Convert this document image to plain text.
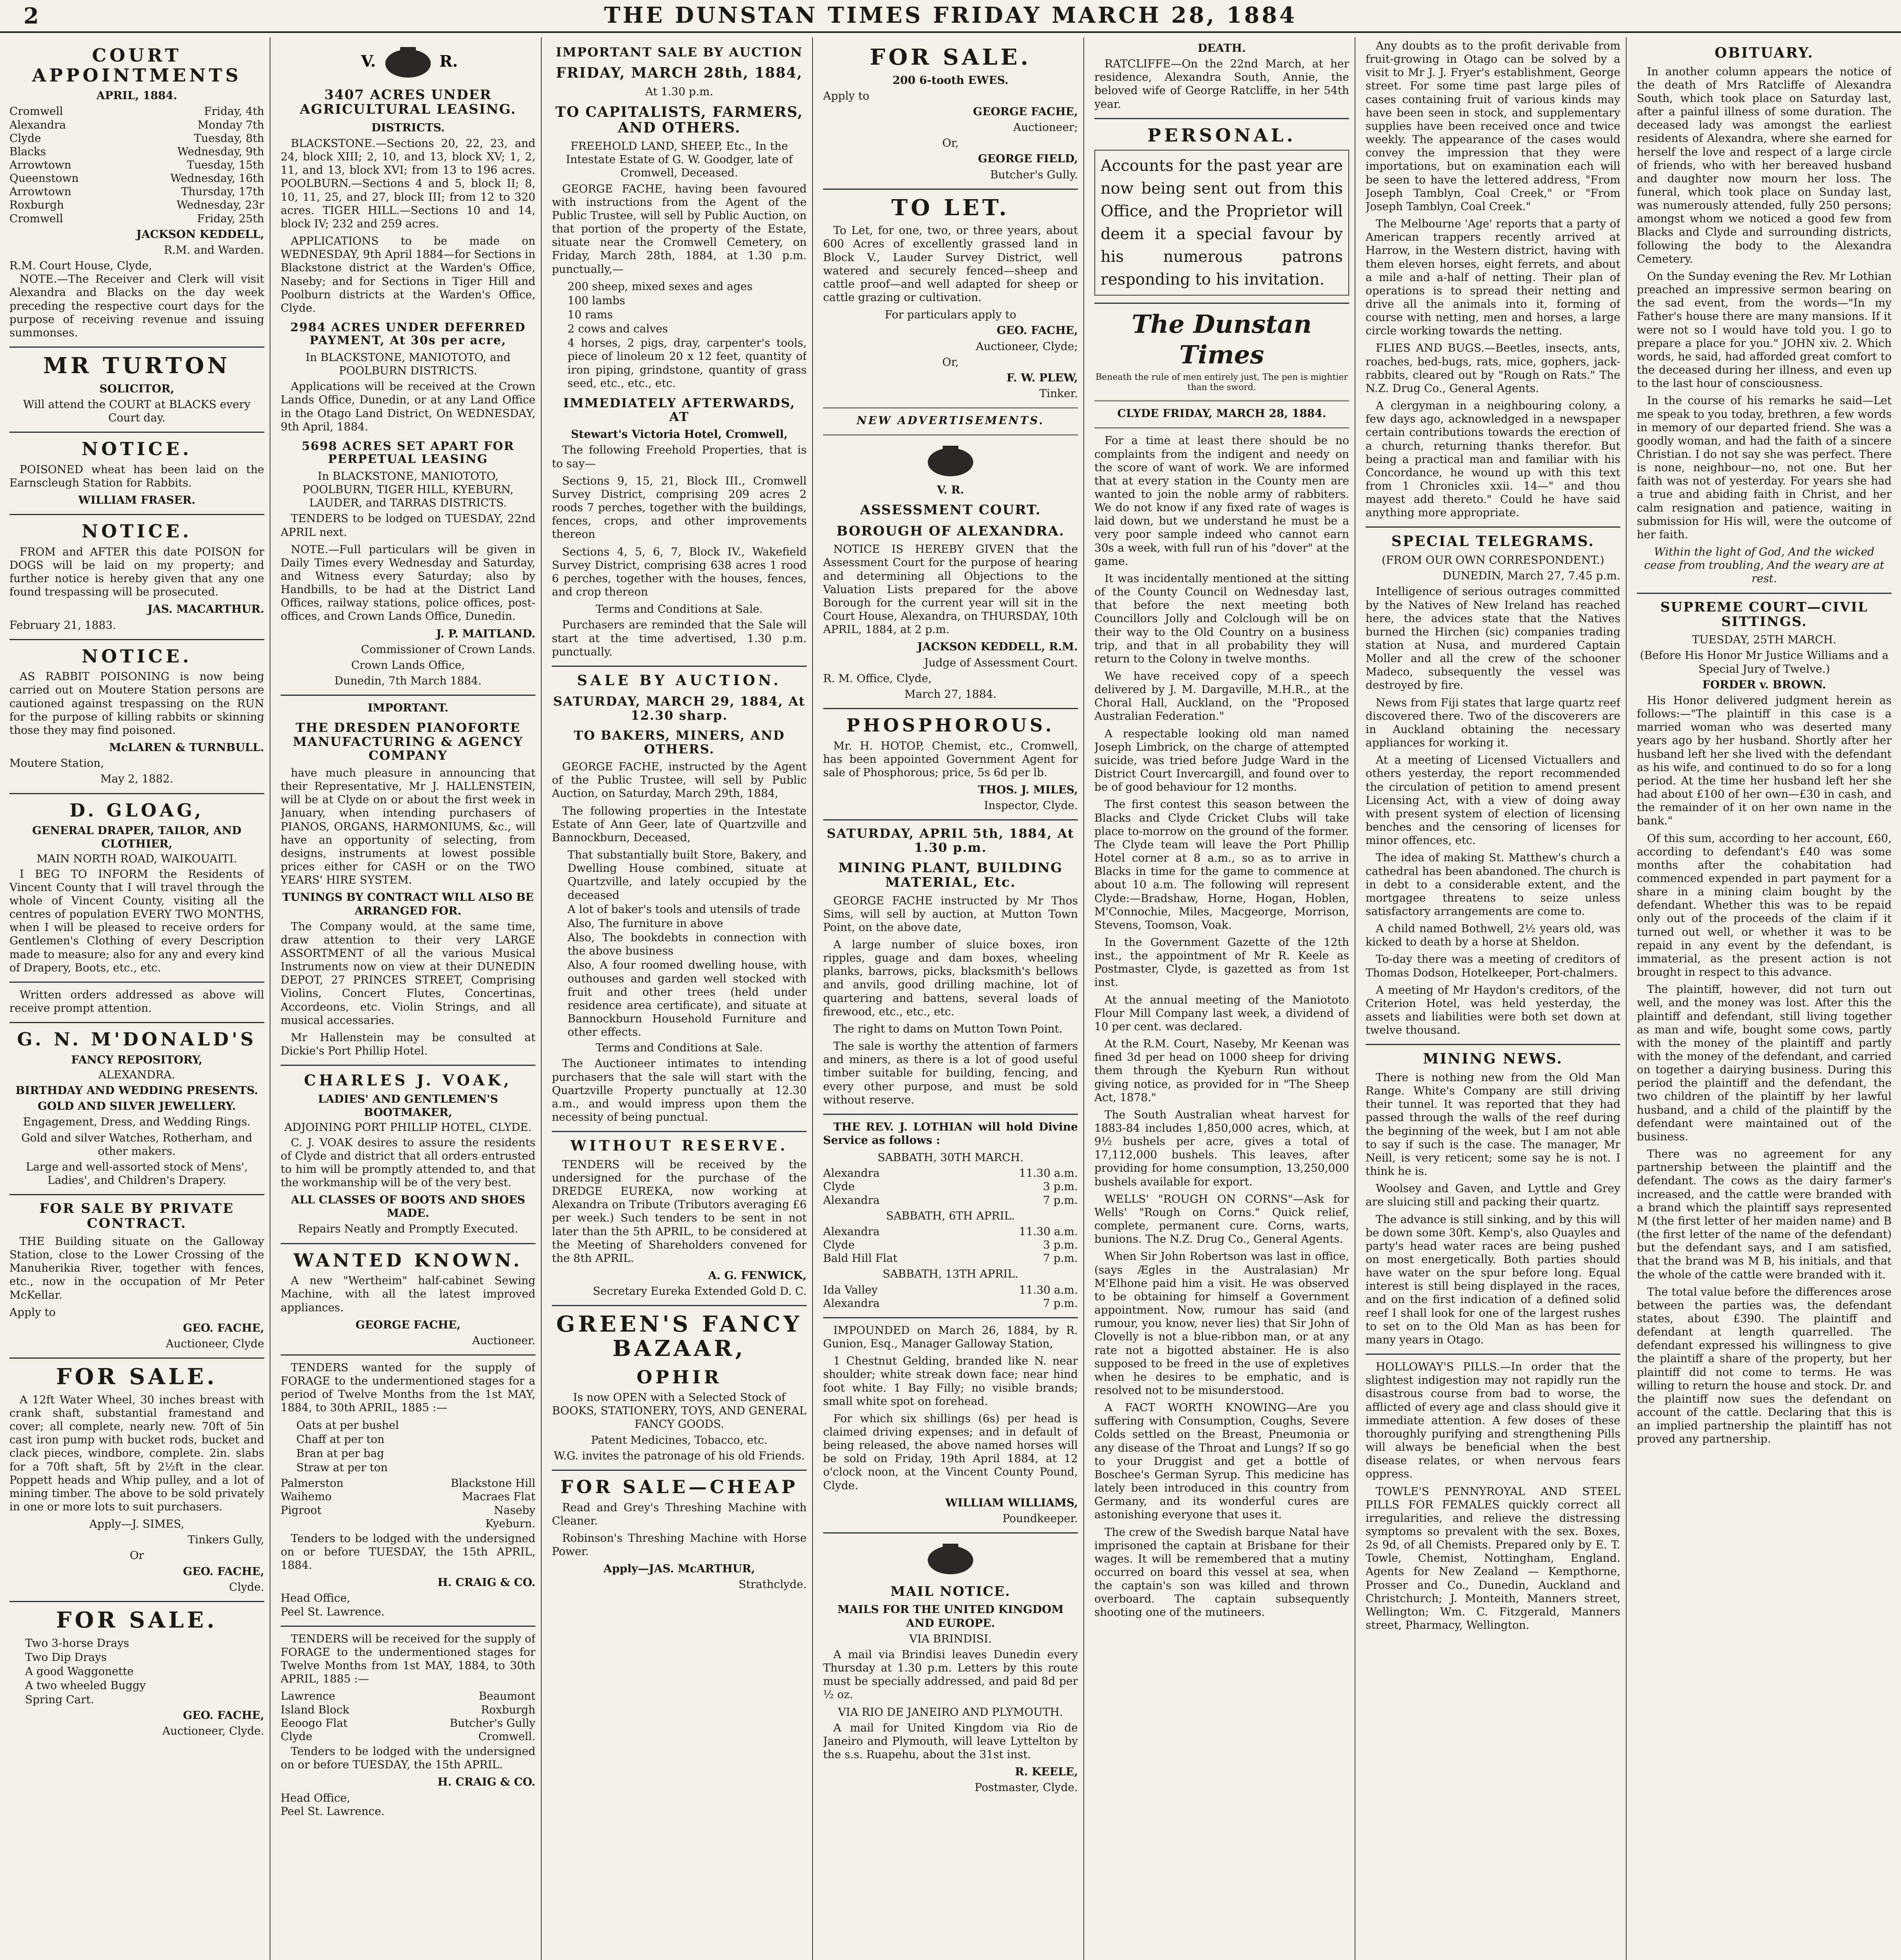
2	THE DUNSTAN TIMES FRIDAY MARCH 28, 1884
COURT APPOINTMENTS
APRIL, 1884.
Cromwell	Friday, 4th
Alexandra	Monday 7th
Clyde	Tuesday, 8th
Blacks	Wednesday, 9th
Arrowtown	Tuesday, 15th
Queenstown	Wednesday, 16th
Arrowtown	Thursday, 17th
Roxburgh	Wednesday, 23r
Cromwell	Friday, 25th
JACKSON KEDDELL,
R.M. and Warden.
R.M. Court House, Clyde,

NOTE.—The Receiver and Clerk will visit Alexandra and Blacks on the day week preceding the respective court days for the purpose of receiving revenue and issuing summonses.

MR TURTON
SOLICITOR,
Will attend the COURT at BLACKS every Court day.
NOTICE.

POISONED wheat has been laid on the Earnscleugh Station for Rabbits.

WILLIAM FRASER.
NOTICE.

FROM and AFTER this date POISON for DOGS will be laid on my property; and further notice is hereby given that any one found trespassing will be prosecuted.

JAS. MACARTHUR.
February 21, 1883.
NOTICE.

AS RABBIT POISONING is now being carried out on Moutere Station persons are cautioned against trespassing on the RUN for the purpose of killing rabbits or skinning those they may find poisoned.

McLAREN & TURNBULL.
Moutere Station,
May 2, 1882.
D. GLOAG,
GENERAL DRAPER, TAILOR, AND CLOTHIER,
MAIN NORTH ROAD, WAIKOUAITI.

I BEG TO INFORM the Residents of Vincent County that I will travel through the whole of Vincent County, visiting all the centres of population EVERY TWO MONTHS, when I will be pleased to receive orders for Gentlemen's Clothing of every Description made to measure; also for any and every kind of Drapery, Boots, etc., etc.

Written orders addressed as above will receive prompt attention.

G. N. M'DONALD'S
FANCY REPOSITORY,
ALEXANDRA.
BIRTHDAY AND WEDDING PRESENTS.
GOLD AND SILVER JEWELLERY.
Engagement, Dress, and Wedding Rings.
Gold and silver Watches, Rotherham, and other makers.
Large and well-assorted stock of Mens', Ladies', and Children's Drapery.
FOR SALE BY PRIVATE CONTRACT.

THE Building situate on the Galloway Station, close to the Lower Crossing of the Manuherikia River, together with fences, etc., now in the occupation of Mr Peter McKellar.

Apply to
GEO. FACHE,
Auctioneer, Clyde
FOR SALE.

A 12ft Water Wheel, 30 inches breast with crank shaft, substantial framestand and cover; all complete, nearly new. 70ft of 5in cast iron pump with bucket rods, bucket and clack pieces, windbore, complete. 2in. slabs for a 70ft shaft, 5ft by 2½ft in the clear. Poppett heads and Whip pulley, and a lot of mining timber. The above to be sold privately in one or more lots to suit purchasers.

Apply—J. SIMES,
Tinkers Gully,
Or
GEO. FACHE,
Clyde.
FOR SALE.
Two 3-horse Drays
Two Dip Drays
A good Waggonette
A two wheeled Buggy
Spring Cart.
GEO. FACHE,
Auctioneer, Clyde.
V.	R.
3407 ACRES UNDER AGRICULTURAL LEASING.
DISTRICTS.

BLACKSTONE.—Sections 20, 22, 23, and 24, block XIII; 2, 10, and 13, block XV; 1, 2, 11, and 13, block XVI; from 13 to 196 acres. POOLBURN.—Sections 4 and 5, block II; 8, 10, 11, 25, and 27, block III; from 12 to 320 acres. TIGER HILL.—Sections 10 and 14, block IV; 232 and 259 acres.

APPLICATIONS to be made on WEDNESDAY, 9th April 1884—for Sections in Blackstone district at the Warden's Office, Naseby; and for Sections in Tiger Hill and Poolburn districts at the Warden's Office, Clyde.

2984 ACRES UNDER DEFERRED PAYMENT, At 30s per acre,
In BLACKSTONE, MANIOTOTO, and POOLBURN DISTRICTS.

Applications will be received at the Crown Lands Office, Dunedin, or at any Land Office in the Otago Land District, On WEDNESDAY, 9th April, 1884.

5698 ACRES SET APART FOR PERPETUAL LEASING
In BLACKSTONE, MANIOTOTO, POOLBURN, TIGER HILL, KYEBURN, LAUDER, and TARRAS DISTRICTS.

TENDERS to be lodged on TUESDAY, 22nd APRIL next.

NOTE.—Full particulars will be given in Daily Times every Wednesday and Saturday, and Witness every Saturday; also by Handbills, to be had at the District Land Offices, railway stations, police offices, post-offices, and Crown Lands Office, Dunedin.

J. P. MAITLAND.
Commissioner of Crown Lands.
Crown Lands Office,
Dunedin, 7th March 1884.
IMPORTANT.
THE DRESDEN PIANOFORTE MANUFACTURING & AGENCY COMPANY

have much pleasure in announcing that their Representative, Mr J. HALLENSTEIN, will be at Clyde on or about the first week in January, when intending purchasers of PIANOS, ORGANS, HARMONIUMS, &c., will have an opportunity of selecting, from designs, instruments at lowest possible prices either for CASH or on the TWO YEARS' HIRE SYSTEM.

TUNINGS BY CONTRACT WILL ALSO BE ARRANGED FOR.

The Company would, at the same time, draw attention to their very LARGE ASSORTMENT of all the various Musical Instruments now on view at their DUNEDIN DEPOT, 27 PRINCES STREET, Comprising Violins, Concert Flutes, Concertinas, Accordeons, etc. Violin Strings, and all musical accessaries.

Mr Hallenstein may be consulted at Dickie's Port Phillip Hotel.

CHARLES J. VOAK,
LADIES' AND GENTLEMEN'S BOOTMAKER,
ADJOINING PORT PHILLIP HOTEL, CLYDE.

C. J. VOAK desires to assure the residents of Clyde and district that all orders entrusted to him will be promptly attended to, and that the workmanship will be of the very best.

ALL CLASSES OF BOOTS AND SHOES MADE.
Repairs Neatly and Promptly Executed.
WANTED KNOWN.

A new "Wertheim" half-cabinet Sewing Machine, with all the latest improved appliances.

GEORGE FACHE,
Auctioneer.

TENDERS wanted for the supply of FORAGE to the undermentioned stages for a period of Twelve Months from the 1st MAY, 1884, to 30th APRIL, 1885 :—

Oats at per bushel
Chaff at per ton
Bran at per bag
Straw at per ton
Palmerston	Blackstone Hill
Waihemo	Macraes Flat
Pigroot	Naseby
Kyeburn.

Tenders to be lodged with the undersigned on or before TUESDAY, the 15th APRIL, 1884.

H. CRAIG & CO.
Head Office,
Peel St. Lawrence.

TENDERS will be received for the supply of FORAGE to the undermentioned stages for Twelve Months from 1st MAY, 1884, to 30th APRIL, 1885 :—

Lawrence	Beaumont
Island Block	Roxburgh
Eeoogo Flat	Butcher's Gully
Clyde	Cromwell.

Tenders to be lodged with the undersigned on or before TUESDAY, the 15th APRIL.

H. CRAIG & CO.
Head Office,
Peel St. Lawrence.
IMPORTANT SALE BY AUCTION
FRIDAY, MARCH 28th, 1884,
At 1.30 p.m.
TO CAPITALISTS, FARMERS, AND OTHERS.
FREEHOLD LAND, SHEEP, Etc., In the Intestate Estate of G. W. Goodger, late of Cromwell, Deceased.

GEORGE FACHE, having been favoured with instructions from the Agent of the Public Trustee, will sell by Public Auction, on that portion of the property of the Estate, situate near the Cromwell Cemetery, on Friday, March 28th, 1884, at 1.30 p.m. punctually,—

200 sheep, mixed sexes and ages
100 lambs
10 rams
2 cows and calves
4 horses, 2 pigs, dray, carpenter's tools, piece of linoleum 20 x 12 feet, quantity of iron piping, grindstone, quantity of grass seed, etc., etc., etc.
IMMEDIATELY AFTERWARDS, AT
Stewart's Victoria Hotel, Cromwell,

The following Freehold Properties, that is to say—

Sections 9, 15, 21, Block III., Cromwell Survey District, comprising 209 acres 2 roods 7 perches, together with the buildings, fences, crops, and other improvements thereon

Sections 4, 5, 6, 7, Block IV., Wakefield Survey District, comprising 638 acres 1 rood 6 perches, together with the houses, fences, and crop thereon

Terms and Conditions at Sale.

Purchasers are reminded that the Sale will start at the time advertised, 1.30 p.m. punctually.

SALE BY AUCTION.
SATURDAY, MARCH 29, 1884, At 12.30 sharp.
TO BAKERS, MINERS, AND OTHERS.

GEORGE FACHE, instructed by the Agent of the Public Trustee, will sell by Public Auction, on Saturday, March 29th, 1884,

The following properties in the Intestate Estate of Ann Geer, late of Quartzville and Bannockburn, Deceased,

That substantially built Store, Bakery, and Dwelling House combined, situate at Quartzville, and lately occupied by the deceased
A lot of baker's tools and utensils of trade
Also, The furniture in above
Also, The bookdebts in connection with the above business
Also, A four roomed dwelling house, with outhouses and garden well stocked with fruit and other trees (held under residence area certificate), and situate at Bannockburn Household Furniture and other effects.
Terms and Conditions at Sale.

The Auctioneer intimates to intending purchasers that the sale will start with the Quartzville Property punctually at 12.30 a.m., and would impress upon them the necessity of being punctual.

WITHOUT RESERVE.

TENDERS will be received by the undersigned for the purchase of the DREDGE EUREKA, now working at Alexandra on Tribute (Tributors averaging £6 per week.) Such tenders to be sent in not later than the 5th APRIL, to be considered at the Meeting of Shareholders convened for the 8th APRIL.

A. G. FENWICK,
Secretary Eureka Extended Gold D. C.
GREEN'S FANCY BAZAAR,
OPHIR
Is now OPEN with a Selected Stock of BOOKS, STATIONERY, TOYS, AND GENERAL FANCY GOODS.
Patent Medicines, Tobacco, etc.
W.G. invites the patronage of his old Friends.
FOR SALE—CHEAP

Read and Grey's Threshing Machine with Cleaner.

Robinson's Threshing Machine with Horse Power.

Apply—JAS. McARTHUR,
Strathclyde.
FOR SALE.
200 6-tooth EWES.
Apply to
GEORGE FACHE,
Auctioneer;
Or,
GEORGE FIELD,
Butcher's Gully.
TO LET.

To Let, for one, two, or three years, about 600 Acres of excellently grassed land in Block V., Lauder Survey District, well watered and securely fenced—sheep and cattle proof—and well adapted for sheep or cattle grazing or cultivation.

For particulars apply to
GEO. FACHE,
Auctioneer, Clyde;
Or,
F. W. PLEW,
Tinker.
NEW ADVERTISEMENTS.
V. R.
ASSESSMENT COURT.
BOROUGH OF ALEXANDRA.

NOTICE IS HEREBY GIVEN that the Assessment Court for the purpose of hearing and determining all Objections to the Valuation Lists prepared for the above Borough for the current year will sit in the Court House, Alexandra, on THURSDAY, 10th APRIL, 1884, at 2 p.m.

JACKSON KEDDELL, R.M.
Judge of Assessment Court.
R. M. Office, Clyde,
March 27, 1884.
PHOSPHOROUS.

Mr. H. HOTOP, Chemist, etc., Cromwell, has been appointed Government Agent for sale of Phosphorous; price, 5s 6d per lb.

THOS. J. MILES,
Inspector, Clyde.
SATURDAY, APRIL 5th, 1884, At 1.30 p.m.
MINING PLANT, BUILDING MATERIAL, Etc.

GEORGE FACHE instructed by Mr Thos Sims, will sell by auction, at Mutton Town Point, on the above date,

A large number of sluice boxes, iron ripples, guage and dam boxes, wheeling planks, barrows, picks, blacksmith's bellows and anvils, good drilling machine, lot of quartering and battens, several loads of firewood, etc., etc., etc.

The right to dams on Mutton Town Point.

The sale is worthy the attention of farmers and miners, as there is a lot of good useful timber suitable for building, fencing, and every other purpose, and must be sold without reserve.

THE REV. J. LOTHIAN will hold Divine Service as follows :

SABBATH, 30TH MARCH.
Alexandra	11.30 a.m.
Clyde	3 p.m.
Alexandra	7 p.m.
SABBATH, 6TH APRIL.
Alexandra	11.30 a.m.
Clyde	3 p.m.
Bald Hill Flat	7 p.m.
SABBATH, 13TH APRIL.
Ida Valley	11.30 a.m.
Alexandra	7 p.m.

IMPOUNDED on March 26, 1884, by R. Gunion, Esq., Manager Galloway Station,

1 Chestnut Gelding, branded like N. near shoulder; white streak down face; near hind foot white. 1 Bay Filly; no visible brands; small white spot on forehead.

For which six shillings (6s) per head is claimed driving expenses; and in default of being released, the above named horses will be sold on Friday, 19th April 1884, at 12 o'clock noon, at the Vincent County Pound, Clyde.

WILLIAM WILLIAMS,
Poundkeeper.
MAIL NOTICE.
MAILS FOR THE UNITED KINGDOM AND EUROPE.
VIA BRINDISI.

A mail via Brindisi leaves Dunedin every Thursday at 1.30 p.m. Letters by this route must be specially addressed, and paid 8d per ½ oz.

VIA RIO DE JANEIRO AND PLYMOUTH.

A mail for United Kingdom via Rio de Janeiro and Plymouth, will leave Lyttelton by the s.s. Ruapehu, about the 31st inst.

R. KEELE,
Postmaster, Clyde.
DEATH.

RATCLIFFE—On the 22nd March, at her residence, Alexandra South, Annie, the beloved wife of George Ratcliffe, in her 54th year.

PERSONAL.
Accounts for the past year are now being sent out from this Office, and the Proprietor will deem it a special favour by his numerous patrons responding to his invitation.
The Dunstan Times
Beneath the rule of men entirely just, The pen is mightier than the sword.
CLYDE FRIDAY, MARCH 28, 1884.

For a time at least there should be no complaints from the indigent and needy on the score of want of work. We are informed that at every station in the County men are wanted to join the noble army of rabbiters. We do not know if any fixed rate of wages is laid down, but we understand he must be a very poor sample indeed who cannot earn 30s a week, with full run of his "dover" at the game.

It was incidentally mentioned at the sitting of the County Council on Wednesday last, that before the next meeting both Councillors Jolly and Colclough will be on their way to the Old Country on a business trip, and that in all probability they will return to the Colony in twelve months.

We have received copy of a speech delivered by J. M. Dargaville, M.H.R., at the Choral Hall, Auckland, on the "Proposed Australian Federation."

A respectable looking old man named Joseph Limbrick, on the charge of attempted suicide, was tried before Judge Ward in the District Court Invercargill, and found over to be of good behaviour for 12 months.

The first contest this season between the Blacks and Clyde Cricket Clubs will take place to-morrow on the ground of the former. The Clyde team will leave the Port Phillip Hotel corner at 8 a.m., so as to arrive in Blacks in time for the game to commence at about 10 a.m. The following will represent Clyde:—Bradshaw, Horne, Hogan, Hoblen, M'Connochie, Miles, Macgeorge, Morrison, Stevens, Toomson, Voak.

In the Government Gazette of the 12th inst., the appointment of Mr R. Keele as Postmaster, Clyde, is gazetted as from 1st inst.

At the annual meeting of the Maniototo Flour Mill Company last week, a dividend of 10 per cent. was declared.

At the R.M. Court, Naseby, Mr Keenan was fined 3d per head on 1000 sheep for driving them through the Kyeburn Run without giving notice, as provided for in "The Sheep Act, 1878."

The South Australian wheat harvest for 1883-84 includes 1,850,000 acres, which, at 9½ bushels per acre, gives a total of 17,112,000 bushels. This leaves, after providing for home consumption, 13,250,000 bushels available for export.

WELLS' "ROUGH ON CORNS"—Ask for Wells' "Rough on Corns." Quick relief, complete, permanent cure. Corns, warts, bunions. The N.Z. Drug Co., General Agents.

When Sir John Robertson was last in office, (says Ægles in the Australasian) Mr M'Elhone paid him a visit. He was observed to be obtaining for himself a Government appointment. Now, rumour has said (and rumour, you know, never lies) that Sir John of Clovelly is not a blue-ribbon man, or at any rate not a bigotted abstainer. He is also supposed to be freed in the use of expletives when he desires to be emphatic, and is resolved not to be misunderstood.

A FACT WORTH KNOWING—Are you suffering with Consumption, Coughs, Severe Colds settled on the Breast, Pneumonia or any disease of the Throat and Lungs? If so go to your Druggist and get a bottle of Boschee's German Syrup. This medicine has lately been introduced in this country from Germany, and its wonderful cures are astonishing everyone that uses it.

The crew of the Swedish barque Natal have imprisoned the captain at Brisbane for their wages. It will be remembered that a mutiny occurred on board this vessel at sea, when the captain's son was killed and thrown overboard. The captain subsequently shooting one of the mutineers.

Any doubts as to the profit derivable from fruit-growing in Otago can be solved by a visit to Mr J. J. Fryer's establishment, George street. For some time past large piles of cases containing fruit of various kinds may have been seen in stock, and supplementary supplies have been received once and twice weekly. The appearance of the cases would convey the impression that they were importations, but on examination each will be seen to have the lettered address, "From Joseph Tamblyn, Coal Creek," or "From Joseph Tamblyn, Coal Creek."

The Melbourne 'Age' reports that a party of American trappers recently arrived at Harrow, in the Western district, having with them eleven horses, eight ferrets, and about a mile and a-half of netting. Their plan of operations is to spread their netting and drive all the animals into it, forming of course with netting, men and horses, a large circle working towards the netting.

FLIES AND BUGS.—Beetles, insects, ants, roaches, bed-bugs, rats, mice, gophers, jack-rabbits, cleared out by "Rough on Rats." The N.Z. Drug Co., General Agents.

A clergyman in a neighbouring colony, a few days ago, acknowledged in a newspaper certain contributions towards the erection of a church, returning thanks therefor. But being a practical man and familiar with his Concordance, he wound up with this text from 1 Chronicles xxii. 14—" and thou mayest add thereto." Could he have said anything more appropriate.

SPECIAL TELEGRAMS.
(FROM OUR OWN CORRESPONDENT.)
DUNEDIN, March 27, 7.45 p.m.

Intelligence of serious outrages committed by the Natives of New Ireland has reached here, the advices state that the Natives burned the Hirchen (sic) companies trading station at Nusa, and murdered Captain Moller and all the crew of the schooner Madeco, subsequently the vessel was destroyed by fire.

News from Fiji states that large quartz reef discovered there. Two of the discoverers are in Auckland obtaining the necessary appliances for working it.

At a meeting of Licensed Victuallers and others yesterday, the report recommended the circulation of petition to amend present Licensing Act, with a view of doing away with present system of election of licensing benches and the censoring of licenses for minor offences, etc.

The idea of making St. Matthew's church a cathedral has been abandoned. The church is in debt to a considerable extent, and the mortgagee threatens to seize unless satisfactory arrangements are come to.

A child named Bothwell, 2½ years old, was kicked to death by a horse at Sheldon.

To-day there was a meeting of creditors of Thomas Dodson, Hotelkeeper, Port-chalmers.

A meeting of Mr Haydon's creditors, of the Criterion Hotel, was held yesterday, the assets and liabilities were both set down at twelve thousand.

MINING NEWS.

There is nothing new from the Old Man Range. White's Company are still driving their tunnel. It was reported that they had passed through the walls of the reef during the beginning of the week, but I am not able to say if such is the case. The manager, Mr Neill, is very reticent; some say he is not. I think he is.

Woolsey and Gaven, and Lyttle and Grey are sluicing still and packing their quartz.

The advance is still sinking, and by this will be down some 30ft. Kemp's, also Quayles and party's head water races are being pushed on most energetically. Both parties should have water on the spur before long. Equal interest is still being displayed in the races, and on the first indication of a defined solid reef I shall look for one of the largest rushes to set on to the Old Man as has been for many years in Otago.

HOLLOWAY'S PILLS.—In order that the slightest indigestion may not rapidly run the disastrous course from bad to worse, the afflicted of every age and class should give it immediate attention. A few doses of these thoroughly purifying and strengthening Pills will always be beneficial when the best disease relates, or when nervous fears oppress.

TOWLE'S PENNYROYAL AND STEEL PILLS FOR FEMALES quickly correct all irregularities, and relieve the distressing symptoms so prevalent with the sex. Boxes, 2s 9d, of all Chemists. Prepared only by E. T. Towle, Chemist, Nottingham, England. Agents for New Zealand — Kempthorne, Prosser and Co., Dunedin, Auckland and Christchurch; J. Monteith, Manners street, Wellington; Wm. C. Fitzgerald, Manners street, Pharmacy, Wellington.

OBITUARY.

In another column appears the notice of the death of Mrs Ratcliffe of Alexandra South, which took place on Saturday last, after a painful illness of some duration. The deceased lady was amongst the earliest residents of Alexandra, where she earned for herself the love and respect of a large circle of friends, who with her bereaved husband and daughter now mourn her loss. The funeral, which took place on Sunday last, was numerously attended, fully 250 persons; amongst whom we noticed a good few from Blacks and Clyde and surrounding districts, following the body to the Alexandra Cemetery.

On the Sunday evening the Rev. Mr Lothian preached an impressive sermon bearing on the sad event, from the words—"In my Father's house there are many mansions. If it were not so I would have told you. I go to prepare a place for you." JOHN xiv. 2. Which words, he said, had afforded great comfort to the deceased during her illness, and even up to the last hour of consciousness.

In the course of his remarks he said—Let me speak to you today, brethren, a few words in memory of our departed friend. She was a goodly woman, and had the faith of a sincere Christian. I do not say she was perfect. There is none, neighbour—no, not one. But her faith was not of yesterday. For years she had a true and abiding faith in Christ, and her calm resignation and patience, waiting in submission for His will, were the outcome of her faith.

Within the light of God, And the wicked cease from troubling, And the weary are at rest.
SUPREME COURT—CIVIL SITTINGS.
TUESDAY, 25TH MARCH.
(Before His Honor Mr Justice Williams and a Special Jury of Twelve.)
FORDER v. BROWN.

His Honor delivered judgment herein as follows:—"The plaintiff in this case is a married woman who was deserted many years ago by her husband. Shortly after her husband left her she lived with the defendant as his wife, and continued to do so for a long period. At the time her husband left her she had about £100 of her own—£30 in cash, and the remainder of it on her own name in the bank."

Of this sum, according to her account, £60, according to defendant's £40 was some months after the cohabitation had commenced expended in part payment for a share in a mining claim bought by the defendant. Whether this was to be repaid only out of the proceeds of the claim if it turned out well, or whether it was to be repaid in any event by the defendant, is immaterial, as the present action is not brought in respect to this advance.

The plaintiff, however, did not turn out well, and the money was lost. After this the plaintiff and defendant, still living together as man and wife, bought some cows, partly with the money of the plaintiff and partly with the money of the defendant, and carried on together a dairying business. During this period the plaintiff and the defendant, the two children of the plaintiff by her lawful husband, and a child of the plaintiff by the defendant were maintained out of the business.

There was no agreement for any partnership between the plaintiff and the defendant. The cows as the dairy farmer's increased, and the cattle were branded with a brand which the plaintiff says represented M (the first letter of her maiden name) and B (the first letter of the name of the defendant) but the defendant says, and I am satisfied, that the brand was M B, his initials, and that the whole of the cattle were branded with it.

The total value before the differences arose between the parties was, the defendant states, about £390. The plaintiff and defendant at length quarrelled. The defendant expressed his willingness to give the plaintiff a share of the property, but her plaintiff did not come to terms. He was willing to return the house and stock. Dr. and the plaintiff now sues the defendant on account of the cattle. Declaring that this is an implied partnership the plaintiff has not proved any partnership.
